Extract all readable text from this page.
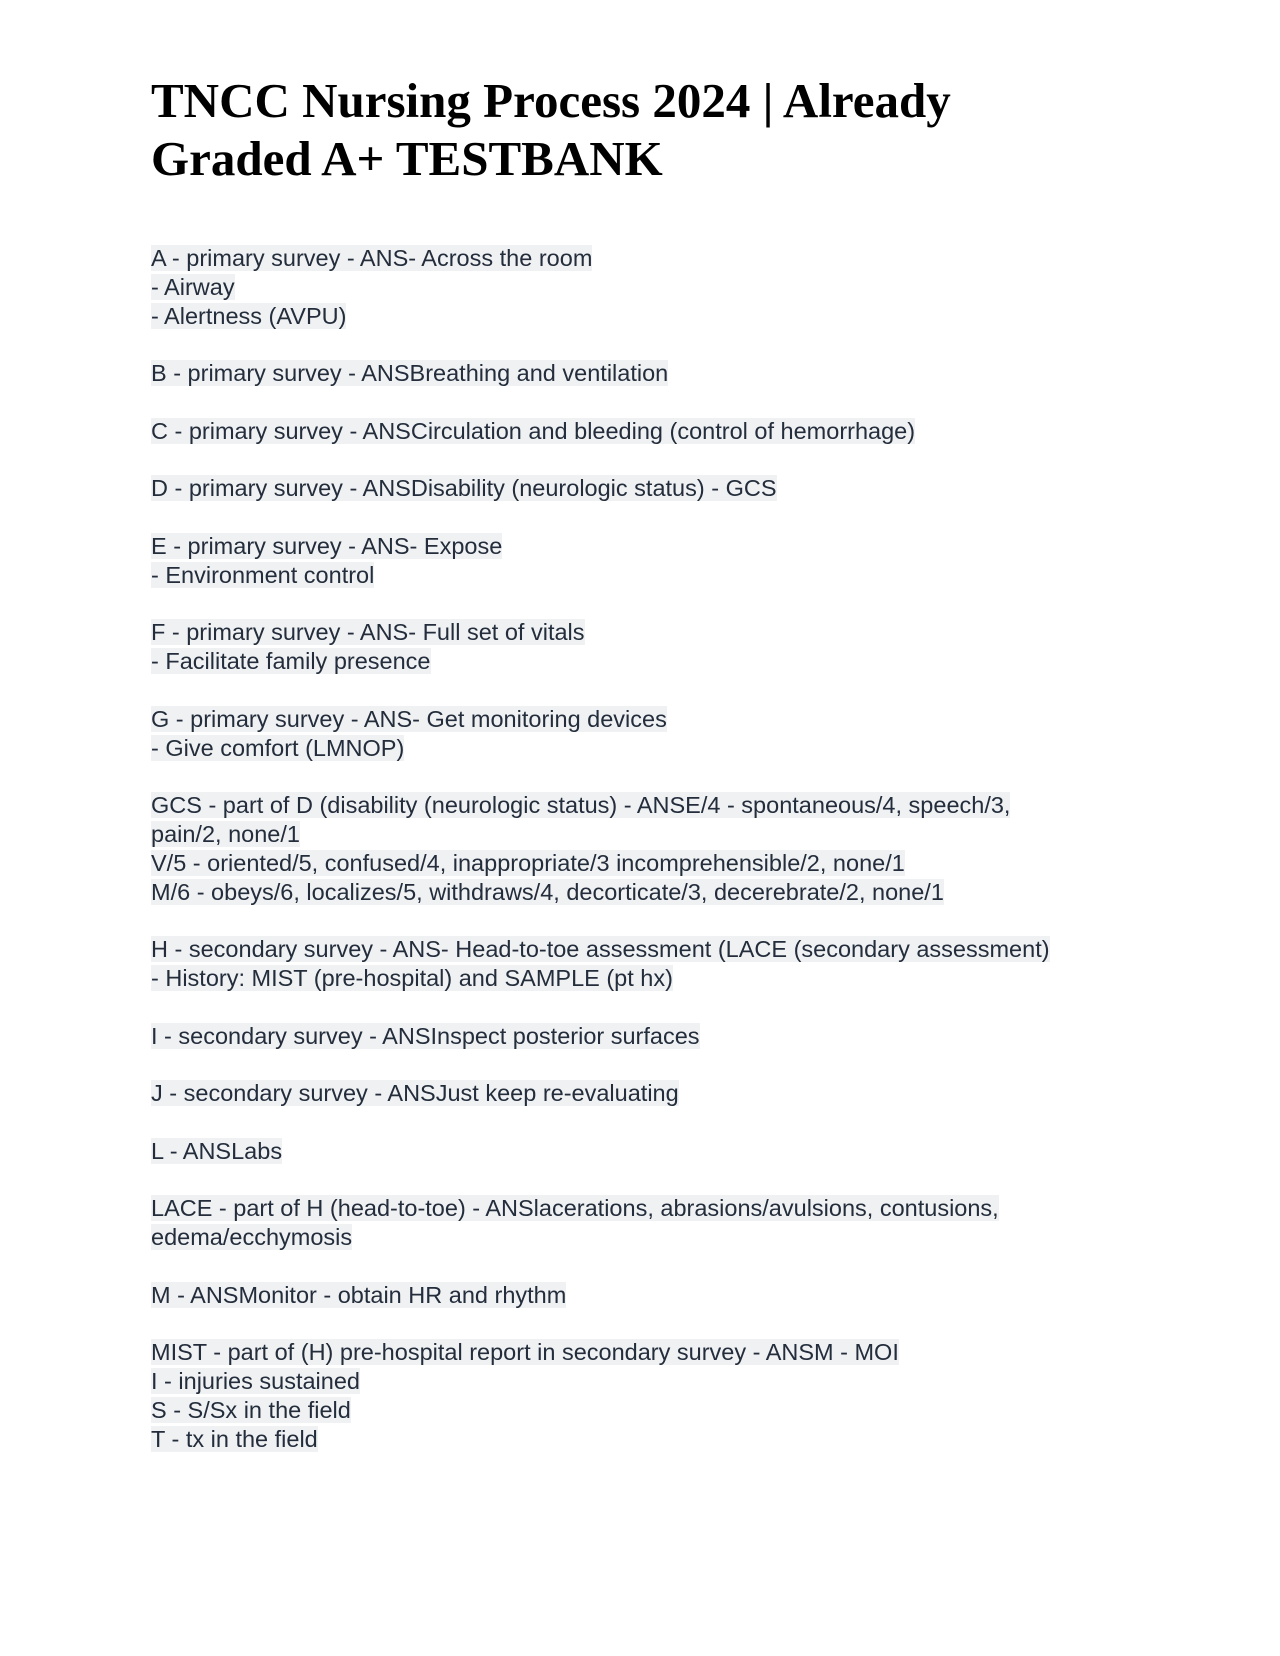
TNCC Nursing Process 2024 | Already Graded A+ TESTBANK
A - primary survey - ANS- Across the room
- Airway
- Alertness (AVPU)
B - primary survey - ANSBreathing and ventilation
C - primary survey - ANSCirculation and bleeding (control of hemorrhage)
D - primary survey - ANSDisability (neurologic status) - GCS
E - primary survey - ANS- Expose
- Environment control
F - primary survey - ANS- Full set of vitals
- Facilitate family presence
G - primary survey - ANS- Get monitoring devices
- Give comfort (LMNOP)
GCS - part of D (disability (neurologic status) - ANSE/4 - spontaneous/4, speech/3,
pain/2, none/1
V/5 - oriented/5, confused/4, inappropriate/3 incomprehensible/2, none/1
M/6 - obeys/6, localizes/5, withdraws/4, decorticate/3, decerebrate/2, none/1
H - secondary survey - ANS- Head-to-toe assessment (LACE (secondary assessment)
- History: MIST (pre-hospital) and SAMPLE (pt hx)
I - secondary survey - ANSInspect posterior surfaces
J - secondary survey - ANSJust keep re-evaluating
L - ANSLabs
LACE - part of H (head-to-toe) - ANSlacerations, abrasions/avulsions, contusions,
edema/ecchymosis
M - ANSMonitor - obtain HR and rhythm
MIST - part of (H) pre-hospital report in secondary survey - ANSM - MOI
I - injuries sustained
S - S/Sx in the field
T - tx in the field
